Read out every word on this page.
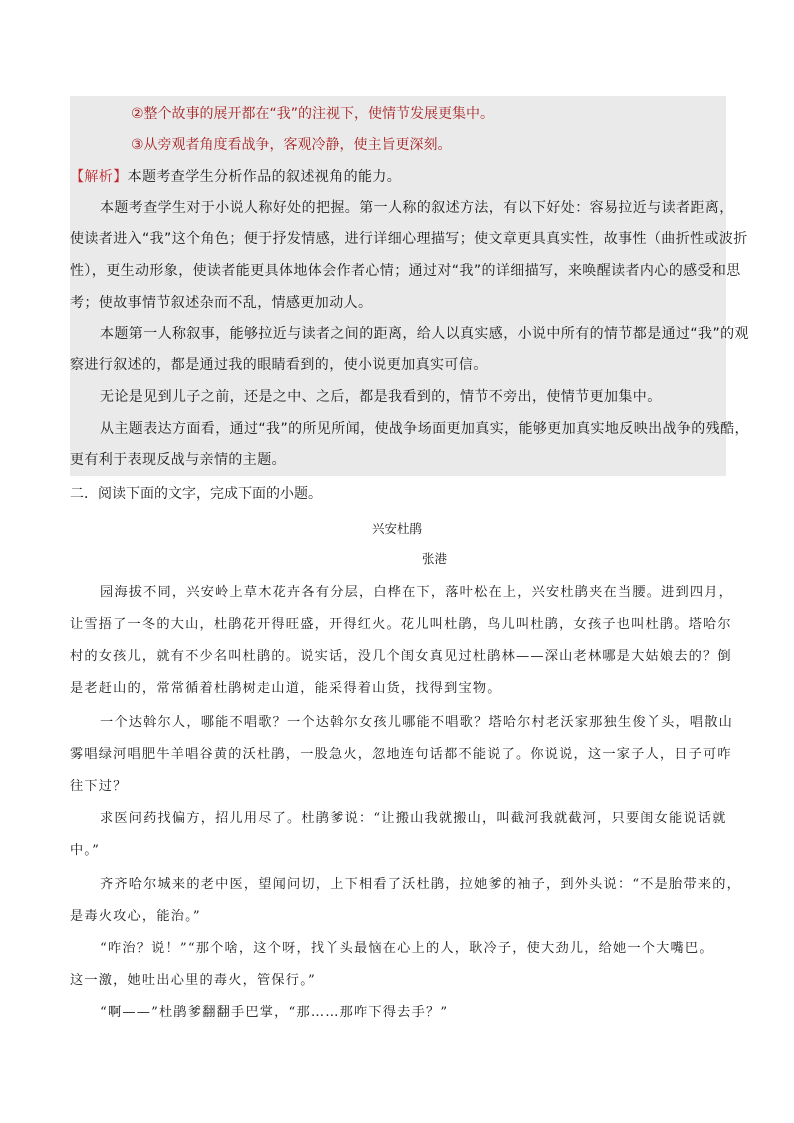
②整个故事的展开都在“我”的注视下，使情节发展更集中。
③从旁观者角度看战争，客观冷静，使主旨更深刻。
【解析】本题考查学生分析作品的叙述视角的能力。
本题考查学生对于小说人称好处的把握。第一人称的叙述方法，有以下好处：容易拉近与读者距离，
使读者进入“我”这个角色；便于抒发情感，进行详细心理描写；使文章更具真实性，故事性（曲折性或波折
性），更生动形象，使读者能更具体地体会作者心情；通过对“我”的详细描写，来唤醒读者内心的感受和思
考；使故事情节叙述杂而不乱，情感更加动人。
本题第一人称叙事，能够拉近与读者之间的距离，给人以真实感，小说中所有的情节都是通过“我”的观
察进行叙述的，都是通过我的眼睛看到的，使小说更加真实可信。
无论是见到儿子之前，还是之中、之后，都是我看到的，情节不旁出，使情节更加集中。
从主题表达方面看，通过“我”的所见所闻，使战争场面更加真实，能够更加真实地反映出战争的残酷，
更有利于表现反战与亲情的主题。
二．阅读下面的文字，完成下面的小题。
兴安杜鹃
张港
园海拔不同，兴安岭上草木花卉各有分层，白桦在下，落叶松在上，兴安杜鹃夹在当腰。进到四月，
让雪捂了一冬的大山，杜鹃花开得旺盛，开得红火。花儿叫杜鹃，鸟儿叫杜鹃，女孩子也叫杜鹃。塔哈尔
村的女孩儿，就有不少名叫杜鹃的。说实话，没几个闺女真见过杜鹃林——深山老林哪是大姑娘去的？倒
是老赶山的，常常循着杜鹃树走山道，能采得着山货，找得到宝物。
一个达斡尔人，哪能不唱歌？一个达斡尔女孩儿哪能不唱歌？塔哈尔村老沃家那独生俊丫头，唱散山
雾唱绿河唱肥牛羊唱谷黄的沃杜鹃，一股急火，忽地连句话都不能说了。你说说，这一家子人，日子可咋
往下过？
求医问药找偏方，招儿用尽了。杜鹃爹说：“让搬山我就搬山，叫截河我就截河，只要闺女能说话就
中。”
齐齐哈尔城来的老中医，望闻问切，上下相看了沃杜鹃，拉她爹的袖子，到外头说：“不是胎带来的，
是毒火攻心，能治。”
“咋治？说！”“那个啥，这个呀，找丫头最恼在心上的人，耿冷子，使大劲儿，给她一个大嘴巴。
这一激，她吐出心里的毒火，管保行。”
“啊——”杜鹃爹翻翻手巴掌，“那……那咋下得去手？”
